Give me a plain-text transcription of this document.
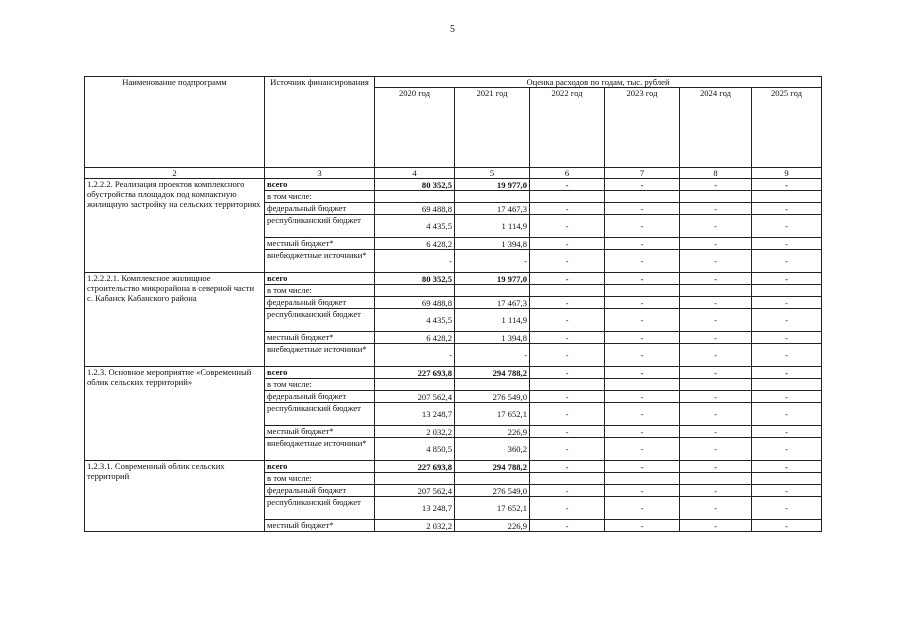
5
Наименование подпрограмм	Источник финансирования	Оценка расходов по годам, тыс. рублей					
		2020 год	2021 год	2022 год	2023 год	2024 год	2025 год
2	3	4	5	6	7	8	9
1.2.2.2. Реализация проектов комплексного обустройства площадок под компактную жилищную застройку на сельских территориях	всего	80 352,5	19 977,0	-	-	-	-
	в том числе:						
	федеральный бюджет	69 488,8	17 467,3	-	-	-	-
	республиканский бюджет	4 435,5	1 114,9	-	-	-	-
	местный бюджет*	6 428,2	1 394,8	-	-	-	-
	внебюджетные источники*	-	-	-	-	-	-
1.2.2.2.1. Комплексное жилищное строительство микрорайона в северной части с. Кабанск Кабанского района	всего	80 352,5	19 977,0	-	-	-	-
	в том числе:						
	федеральный бюджет	69 488,8	17 467,3	-	-	-	-
	республиканский бюджет	4 435,5	1 114,9	-	-	-	-
	местный бюджет*	6 428,2	1 394,8	-	-	-	-
	внебюджетные источники*	-	-	-	-	-	-
1.2.3. Основное мероприятие «Современный облик сельских территорий»	всего	227 693,8	294 788,2	-	-	-	-
	в том числе:						
	федеральный бюджет	207 562,4	276 549,0	-	-	-	-
	республиканский бюджет	13 248,7	17 652,1	-	-	-	-
	местный бюджет*	2 032,2	226,9	-	-	-	-
	внебюджетные источники*	4 850,5	360,2	-	-	-	-
1.2.3.1. Современный облик сельских территорий	всего	227 693,8	294 788,2	-	-	-	-
	в том числе:						
	федеральный бюджет	207 562,4	276 549,0	-	-	-	-
	республиканский бюджет	13 248,7	17 652,1	-	-	-	-
	местный бюджет*	2 032,2	226,9	-	-	-	-
